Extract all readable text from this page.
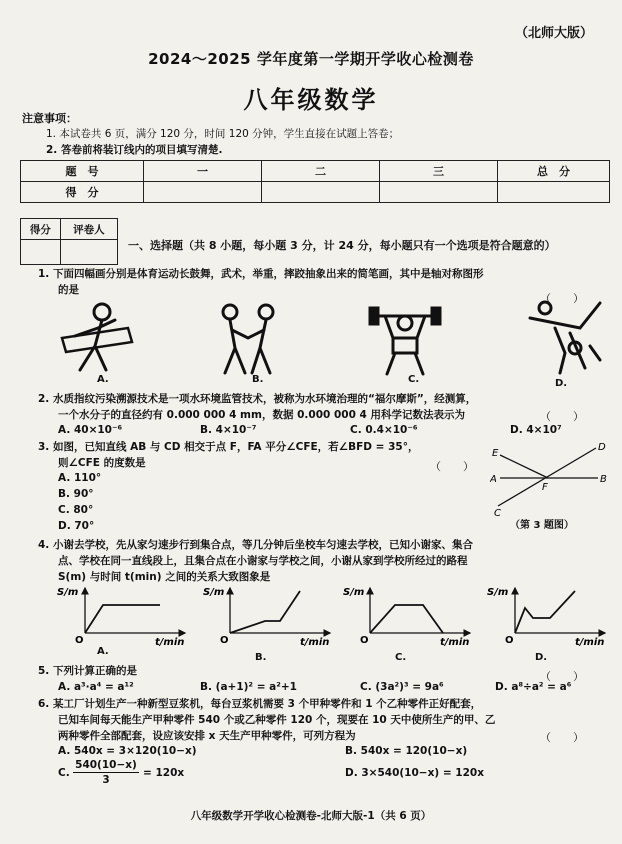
（北师大版）
2024～2025 学年度第一学期开学收心检测卷
八年级数学
注意事项：
1. 本试卷共 6 页，满分 120 分，时间 120 分钟，学生直接在试题上答卷；
2. 答卷前将装订线内的项目填写清楚.
题　号	一	二	三	总　分
得　分				
得分	评卷人

一、选择题（共 8 小题，每小题 3 分，计 24 分，每小题只有一个选项是符合题意的）
1. 下面四幅画分别是体育运动长鼓舞，武术，举重，摔跤抽象出来的简笔画，其中是轴对称图形
的是
（　　）
A.	B.	C.	D.
2. 水质指纹污染溯源技术是一项水环境监管技术，被称为水环境治理的“福尔摩斯”，经测算，
一个水分子的直径约有 0.000 000 4 mm，数据 0.000 000 4 用科学记数法表示为	（　　）
A. 40×10⁻⁶	B. 4×10⁻⁷	C. 0.4×10⁻⁶	D. 4×10⁷
3. 如图，已知直线 AB 与 CD 相交于点 F，FA 平分∠CFE，若∠BFD = 35°，
则∠CFE 的度数是	（　　）
A. 110°
B. 90°
C. 80°
D. 70°
E
D
A
F
B
C
（第 3 题图）
4. 小谢去学校，先从家匀速步行到集合点，等几分钟后坐校车匀速去学校，已知小谢家、集合
点、学校在同一直线段上，且集合点在小谢家与学校之间，小谢从家到学校所经过的路程
S(m) 与时间 t(min) 之间的关系大致图象是
S/m
O	t/min
S/m
O	t/min
S/m
O	t/min
S/m
O	t/min
A.
B.	C.	D.
5. 下列计算正确的是	（　　）
A. a³·a⁴ = a¹²	B. (a+1)² = a²+1	C. (3a²)³ = 9a⁶	D. a⁸÷a² = a⁶
6. 某工厂计划生产一种新型豆浆机，每台豆浆机需要 3 个甲种零件和 1 个乙种零件正好配套，
已知车间每天能生产甲种零件 540 个或乙种零件 120 个，现要在 10 天中使所生产的甲、乙
两种零件全部配套，设应该安排 x 天生产甲种零件，可列方程为	（　　）
A. 540x = 3×120(10−x)	B. 540x = 120(10−x)
C.
540(10−x)
3
= 120x	D. 3×540(10−x) = 120x
八年级数学开学收心检测卷-北师大版-1（共 6 页）
